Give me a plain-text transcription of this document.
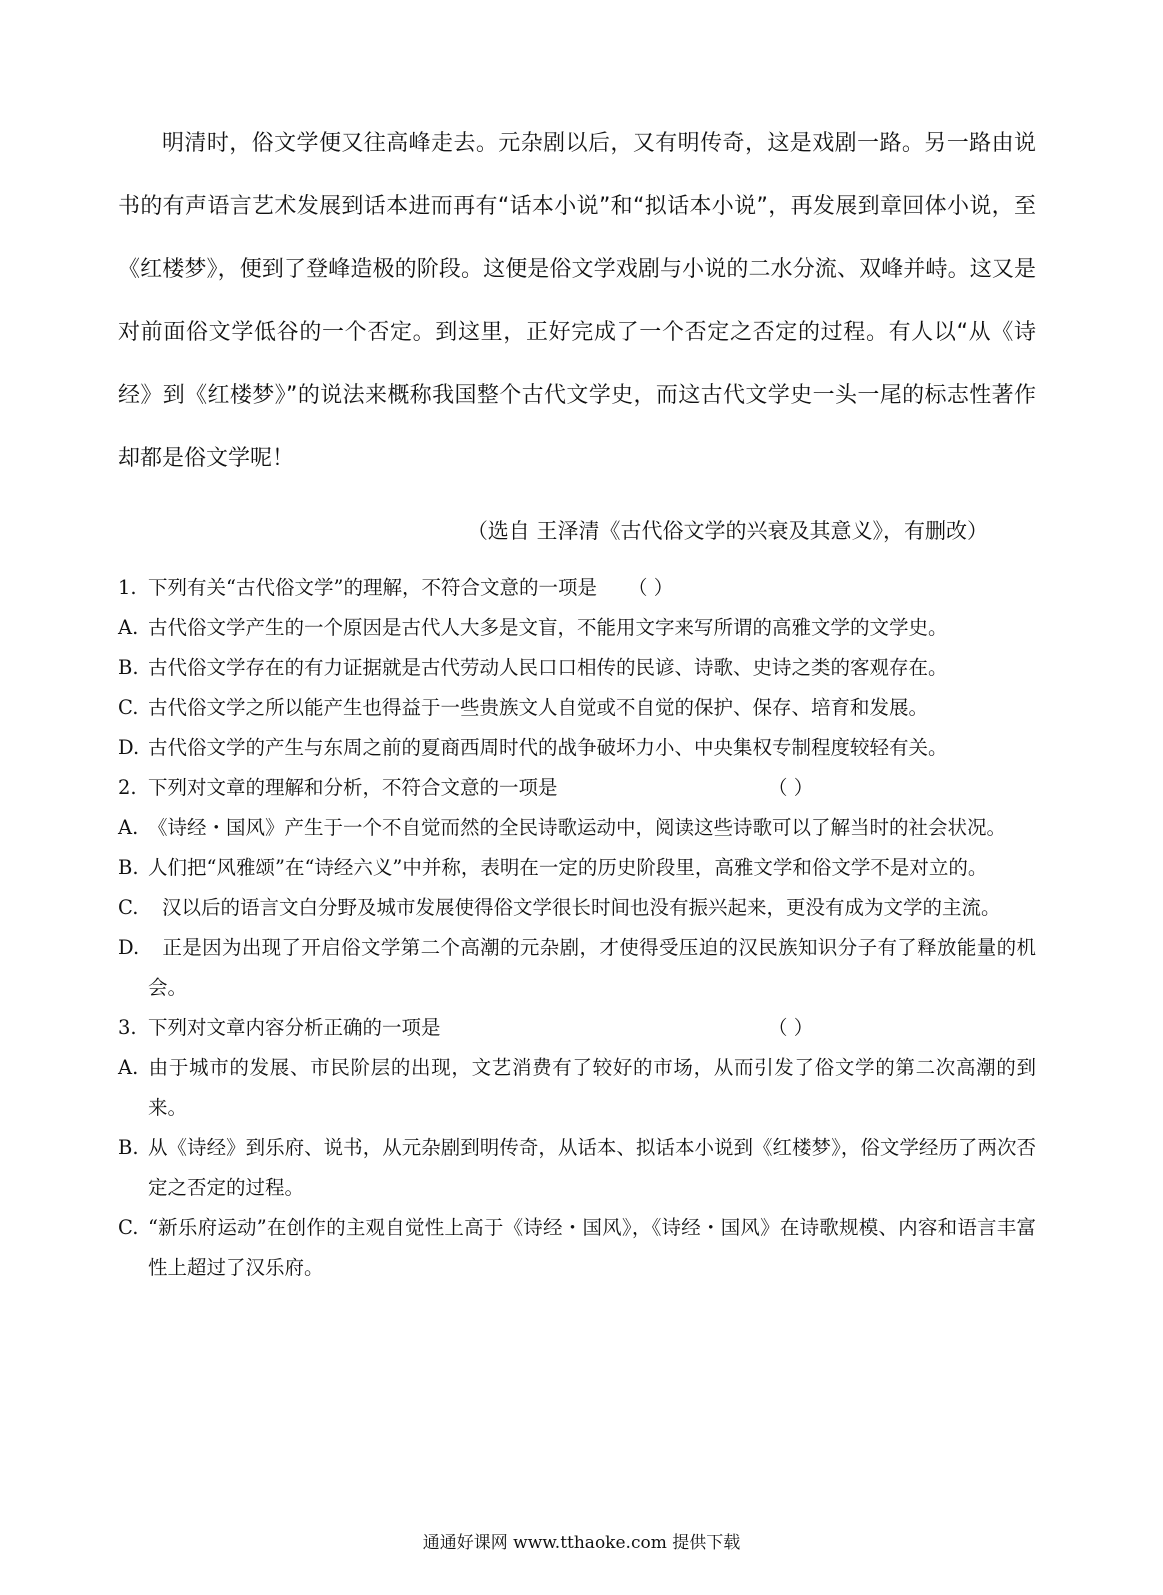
明清时，俗文学便又往高峰走去。元杂剧以后，又有明传奇，这是戏剧一路。另一路由说书的有声语言艺术发展到话本进而再有“话本小说”和“拟话本小说”，再发展到章回体小说，至《红楼梦》，便到了登峰造极的阶段。这便是俗文学戏剧与小说的二水分流、双峰并峙。这又是对前面俗文学低谷的一个否定。到这里，正好完成了一个否定之否定的过程。有人以“从《诗经》到《红楼梦》”的说法来概称我国整个古代文学史，而这古代文学史一头一尾的标志性著作却都是俗文学呢！

（选自 王泽清《古代俗文学的兴衰及其意义》，有删改）

1. 下列有关“古代俗文学”的理解，不符合文意的一项是	（ ）

A. 古代俗文学产生的一个原因是古代人大多是文盲，不能用文字来写所谓的高雅文学的文学史。

B. 古代俗文学存在的有力证据就是古代劳动人民口口相传的民谚、诗歌、史诗之类的客观存在。

C. 古代俗文学之所以能产生也得益于一些贵族文人自觉或不自觉的保护、保存、培育和发展。

D. 古代俗文学的产生与东周之前的夏商西周时代的战争破坏力小、中央集权专制程度较轻有关。

2. 下列对文章的理解和分析，不符合文意的一项是	（ ）

A. 《诗经・国风》产生于一个不自觉而然的全民诗歌运动中，阅读这些诗歌可以了解当时的社会状况。

B. 人们把“风雅颂”在“诗经六义”中并称，表明在一定的历史阶段里，高雅文学和俗文学不是对立的。

C. 汉以后的语言文白分野及城市发展使得俗文学很长时间也没有振兴起来，更没有成为文学的主流。

D. 正是因为出现了开启俗文学第二个高潮的元杂剧，才使得受压迫的汉民族知识分子有了释放能量的机会。

3. 下列对文章内容分析正确的一项是	（ ）

A. 由于城市的发展、市民阶层的出现，文艺消费有了较好的市场，从而引发了俗文学的第二次高潮的到来。

B. 从《诗经》到乐府、说书，从元杂剧到明传奇，从话本、拟话本小说到《红楼梦》，俗文学经历了两次否定之否定的过程。

C. “新乐府运动”在创作的主观自觉性上高于《诗经・国风》，《诗经・国风》在诗歌规模、内容和语言丰富性上超过了汉乐府。

通通好课网 www.tthaoke.com 提供下载
